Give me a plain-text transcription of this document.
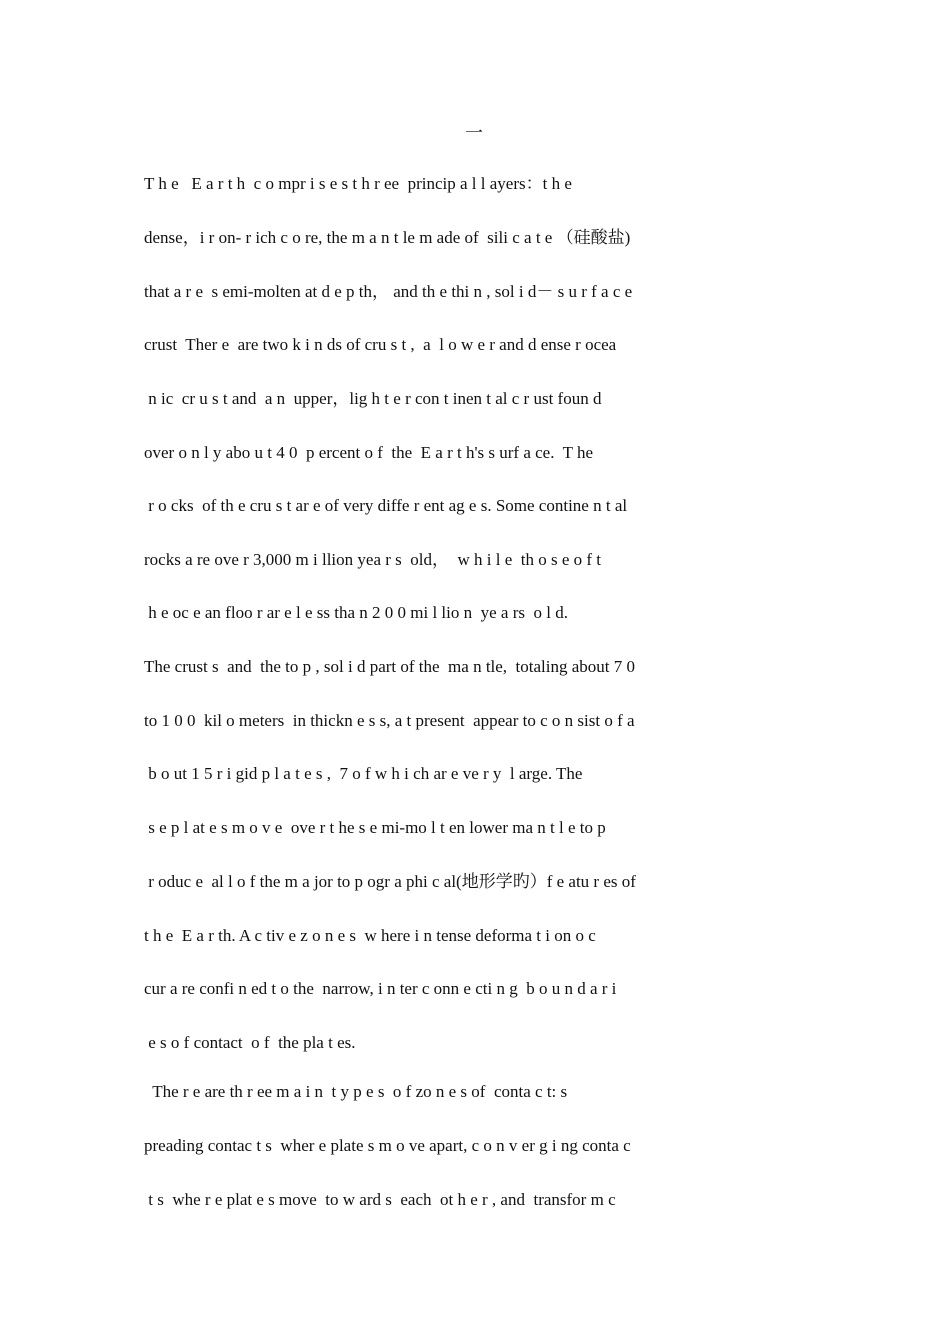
一
T h e   E a r t h  c o mpr i s e s t h r ee  princip a l l ayers：t h e
dense，i r on- r ich c o re, the m a n t le m ade of  sili c a t e （硅酸盐)
that a r e  s emi-molten at d e p th， and th e thi n , sol i d－ s u r f a c e
crust  Ther e  are two k i n ds of cru s t ,  a  l o w e r and d ense r ocea
n ic  cr u s t and  a n  upper，lig h t e r con t inen t al c r ust foun d
over o n l y abo u t 4 0  p ercent o f  the  E a r t h's s urf a ce.  T he
r o cks  of th e cru s t ar e of very diffe r ent ag e s. Some contine n t al
rocks a re ove r 3,000 m i llion yea r s  old，  w h i l e  th o s e o f t
h e oc e an floo r ar e l e ss tha n 2 0 0 mi l lio n  ye a rs  o l d.
The crust s  and  the to p , sol i d part of the  ma n tle,  totaling about 7 0
to 1 0 0  kil o meters  in thickn e s s, a t present  appear to c o n sist o f a
b o ut 1 5 r i gid p l a t e s ,  7 o f w h i ch ar e ve r y  l arge. The
s e p l at e s m o v e  ove r t he s e mi-mo l t en lower ma n t l e to p
r oduc e  al l o f the m a jor to p ogr a phi c al(地形学旳）f e atu r es of
t h e  E a r th. A c tiv e z o n e s  w here i n tense deforma t i on o c
cur a re confi n ed t o the  narrow, i n ter c onn e cti n g  b o u n d a r i
e s o f contact  o f  the pla t es.
The r e are th r ee m a i n  t y p e s  o f zo n e s of  conta c t: s
preading contac t s  wher e plate s m o ve apart, c o n v er g i ng conta c
t s  whe r e plat e s move  to w ard s  each  ot h e r , and  transfor m c
